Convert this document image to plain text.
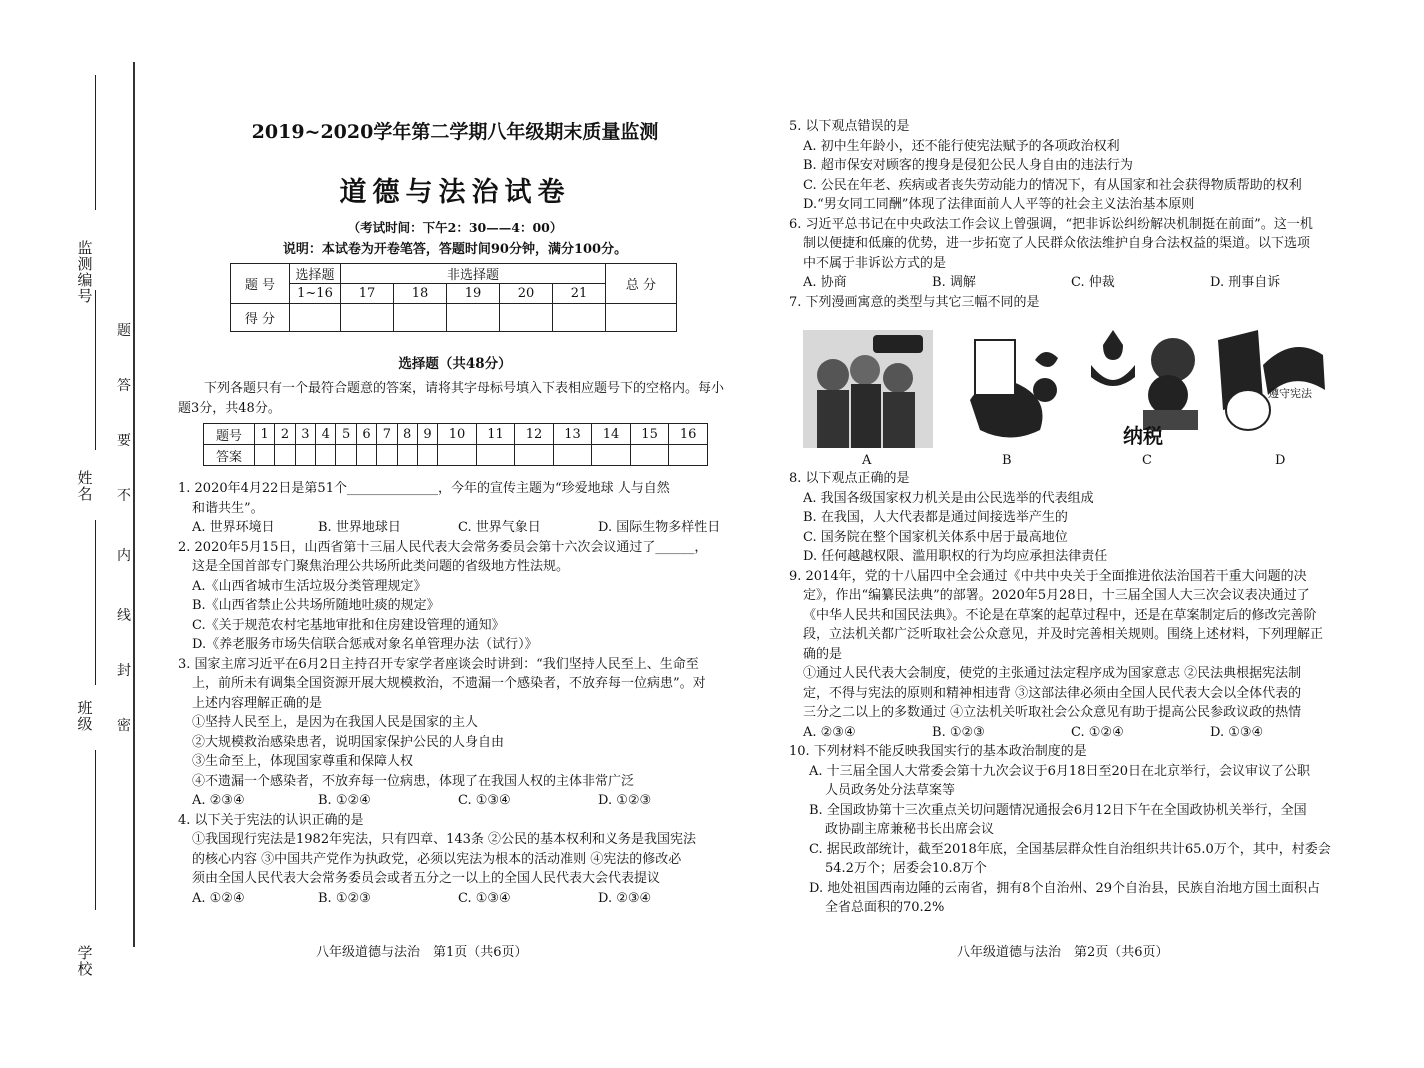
监测编号
姓 名
班 级
学 校
题
答
要
不
内
线
封
密
2019~2020学年第二学期八年级期末质量监测
道德与法治试卷
（考试时间：下午2：30——4：00）
说明：本试卷为开卷笔答，答题时间90分钟，满分100分。
题 号	选择题	非选择题					总 分
	1~16	17	18	19	20	21	
得 分							
选择题（共48分）
下列各题只有一个最符合题意的答案，请将其字母标号填入下表相应题号下的空格内。每小题3分，共48分。
题号	1	2	3	4	5	6	7	8	9	10	11	12	13	14	15	16
答案																
1. 2020年4月22日是第51个______________，今年的宣传主题为“珍爱地球 人与自然
和谐共生”。
A. 世界环境日	B. 世界地球日	C. 世界气象日	D. 国际生物多样性日
2. 2020年5月15日，山西省第十三届人民代表大会常务委员会第十六次会议通过了______，
这是全国首部专门聚焦治理公共场所此类问题的省级地方性法规。
A.《山西省城市生活垃圾分类管理规定》
B.《山西省禁止公共场所随地吐痰的规定》
C.《关于规范农村宅基地审批和住房建设管理的通知》
D.《养老服务市场失信联合惩戒对象名单管理办法（试行）》
3. 国家主席习近平在6月2日主持召开专家学者座谈会时讲到：“我们坚持人民至上、生命至
上，前所未有调集全国资源开展大规模救治，不遗漏一个感染者，不放弃每一位病患”。对
上述内容理解正确的是
①坚持人民至上，是因为在我国人民是国家的主人
②大规模救治感染患者，说明国家保护公民的人身自由
③生命至上，体现国家尊重和保障人权
④不遗漏一个感染者，不放弃每一位病患，体现了在我国人权的主体非常广泛
A. ②③④	B. ①②④	C. ①③④	D. ①②③
4. 以下关于宪法的认识正确的是
①我国现行宪法是1982年宪法，只有四章、143条 ②公民的基本权利和义务是我国宪法
的核心内容 ③中国共产党作为执政党，必须以宪法为根本的活动准则 ④宪法的修改必
须由全国人民代表大会常务委员会或者五分之一以上的全国人民代表大会代表提议
A. ①②④	B. ①②③	C. ①③④	D. ②③④
5. 以下观点错误的是
A. 初中生年龄小，还不能行使宪法赋予的各项政治权利
B. 超市保安对顾客的搜身是侵犯公民人身自由的违法行为
C. 公民在年老、疾病或者丧失劳动能力的情况下，有从国家和社会获得物质帮助的权利
D.“男女同工同酬”体现了法律面前人人平等的社会主义法治基本原则
6. 习近平总书记在中央政法工作会议上曾强调，“把非诉讼纠纷解决机制挺在前面”。这一机
制以便捷和低廉的优势，进一步拓宽了人民群众依法维护自身合法权益的渠道。以下选项
中不属于非诉讼方式的是
A. 协商	B. 调解	C. 仲裁	D. 刑事自诉
7. 下列漫画寓意的类型与其它三幅不同的是
纳税
遵守宪法
A	B	C	D
8. 以下观点正确的是
A. 我国各级国家权力机关是由公民选举的代表组成
B. 在我国，人大代表都是通过间接选举产生的
C. 国务院在整个国家机关体系中居于最高地位
D. 任何越越权限、滥用职权的行为均应承担法律责任
9. 2014年，党的十八届四中全会通过《中共中央关于全面推进依法治国若干重大问题的决
定》，作出“编纂民法典”的部署。2020年5月28日，十三届全国人大三次会议表决通过了
《中华人民共和国民法典》。不论是在草案的起草过程中，还是在草案制定后的修改完善阶
段，立法机关都广泛听取社会公众意见，并及时完善相关规则。围绕上述材料，下列理解正
确的是
①通过人民代表大会制度，使党的主张通过法定程序成为国家意志 ②民法典根据宪法制
定，不得与宪法的原则和精神相违背 ③这部法律必须由全国人民代表大会以全体代表的
三分之二以上的多数通过 ④立法机关听取社会公众意见有助于提高公民参政议政的热情
A. ②③④	B. ①②③	C. ①②④	D. ①③④
10. 下列材料不能反映我国实行的基本政治制度的是
A. 十三届全国人大常委会第十九次会议于6月18日至20日在北京举行，会议审议了公职
人员政务处分法草案等
B. 全国政协第十三次重点关切问题情况通报会6月12日下午在全国政协机关举行，全国
政协副主席兼秘书长出席会议
C. 据民政部统计，截至2018年底，全国基层群众性自治组织共计65.0万个，其中，村委会
54.2万个；居委会10.8万个
D. 地处祖国西南边陲的云南省，拥有8个自治州、29个自治县，民族自治地方国土面积占
全省总面积的70.2%
八年级道德与法治　第1页（共6页）	八年级道德与法治　第2页（共6页）
